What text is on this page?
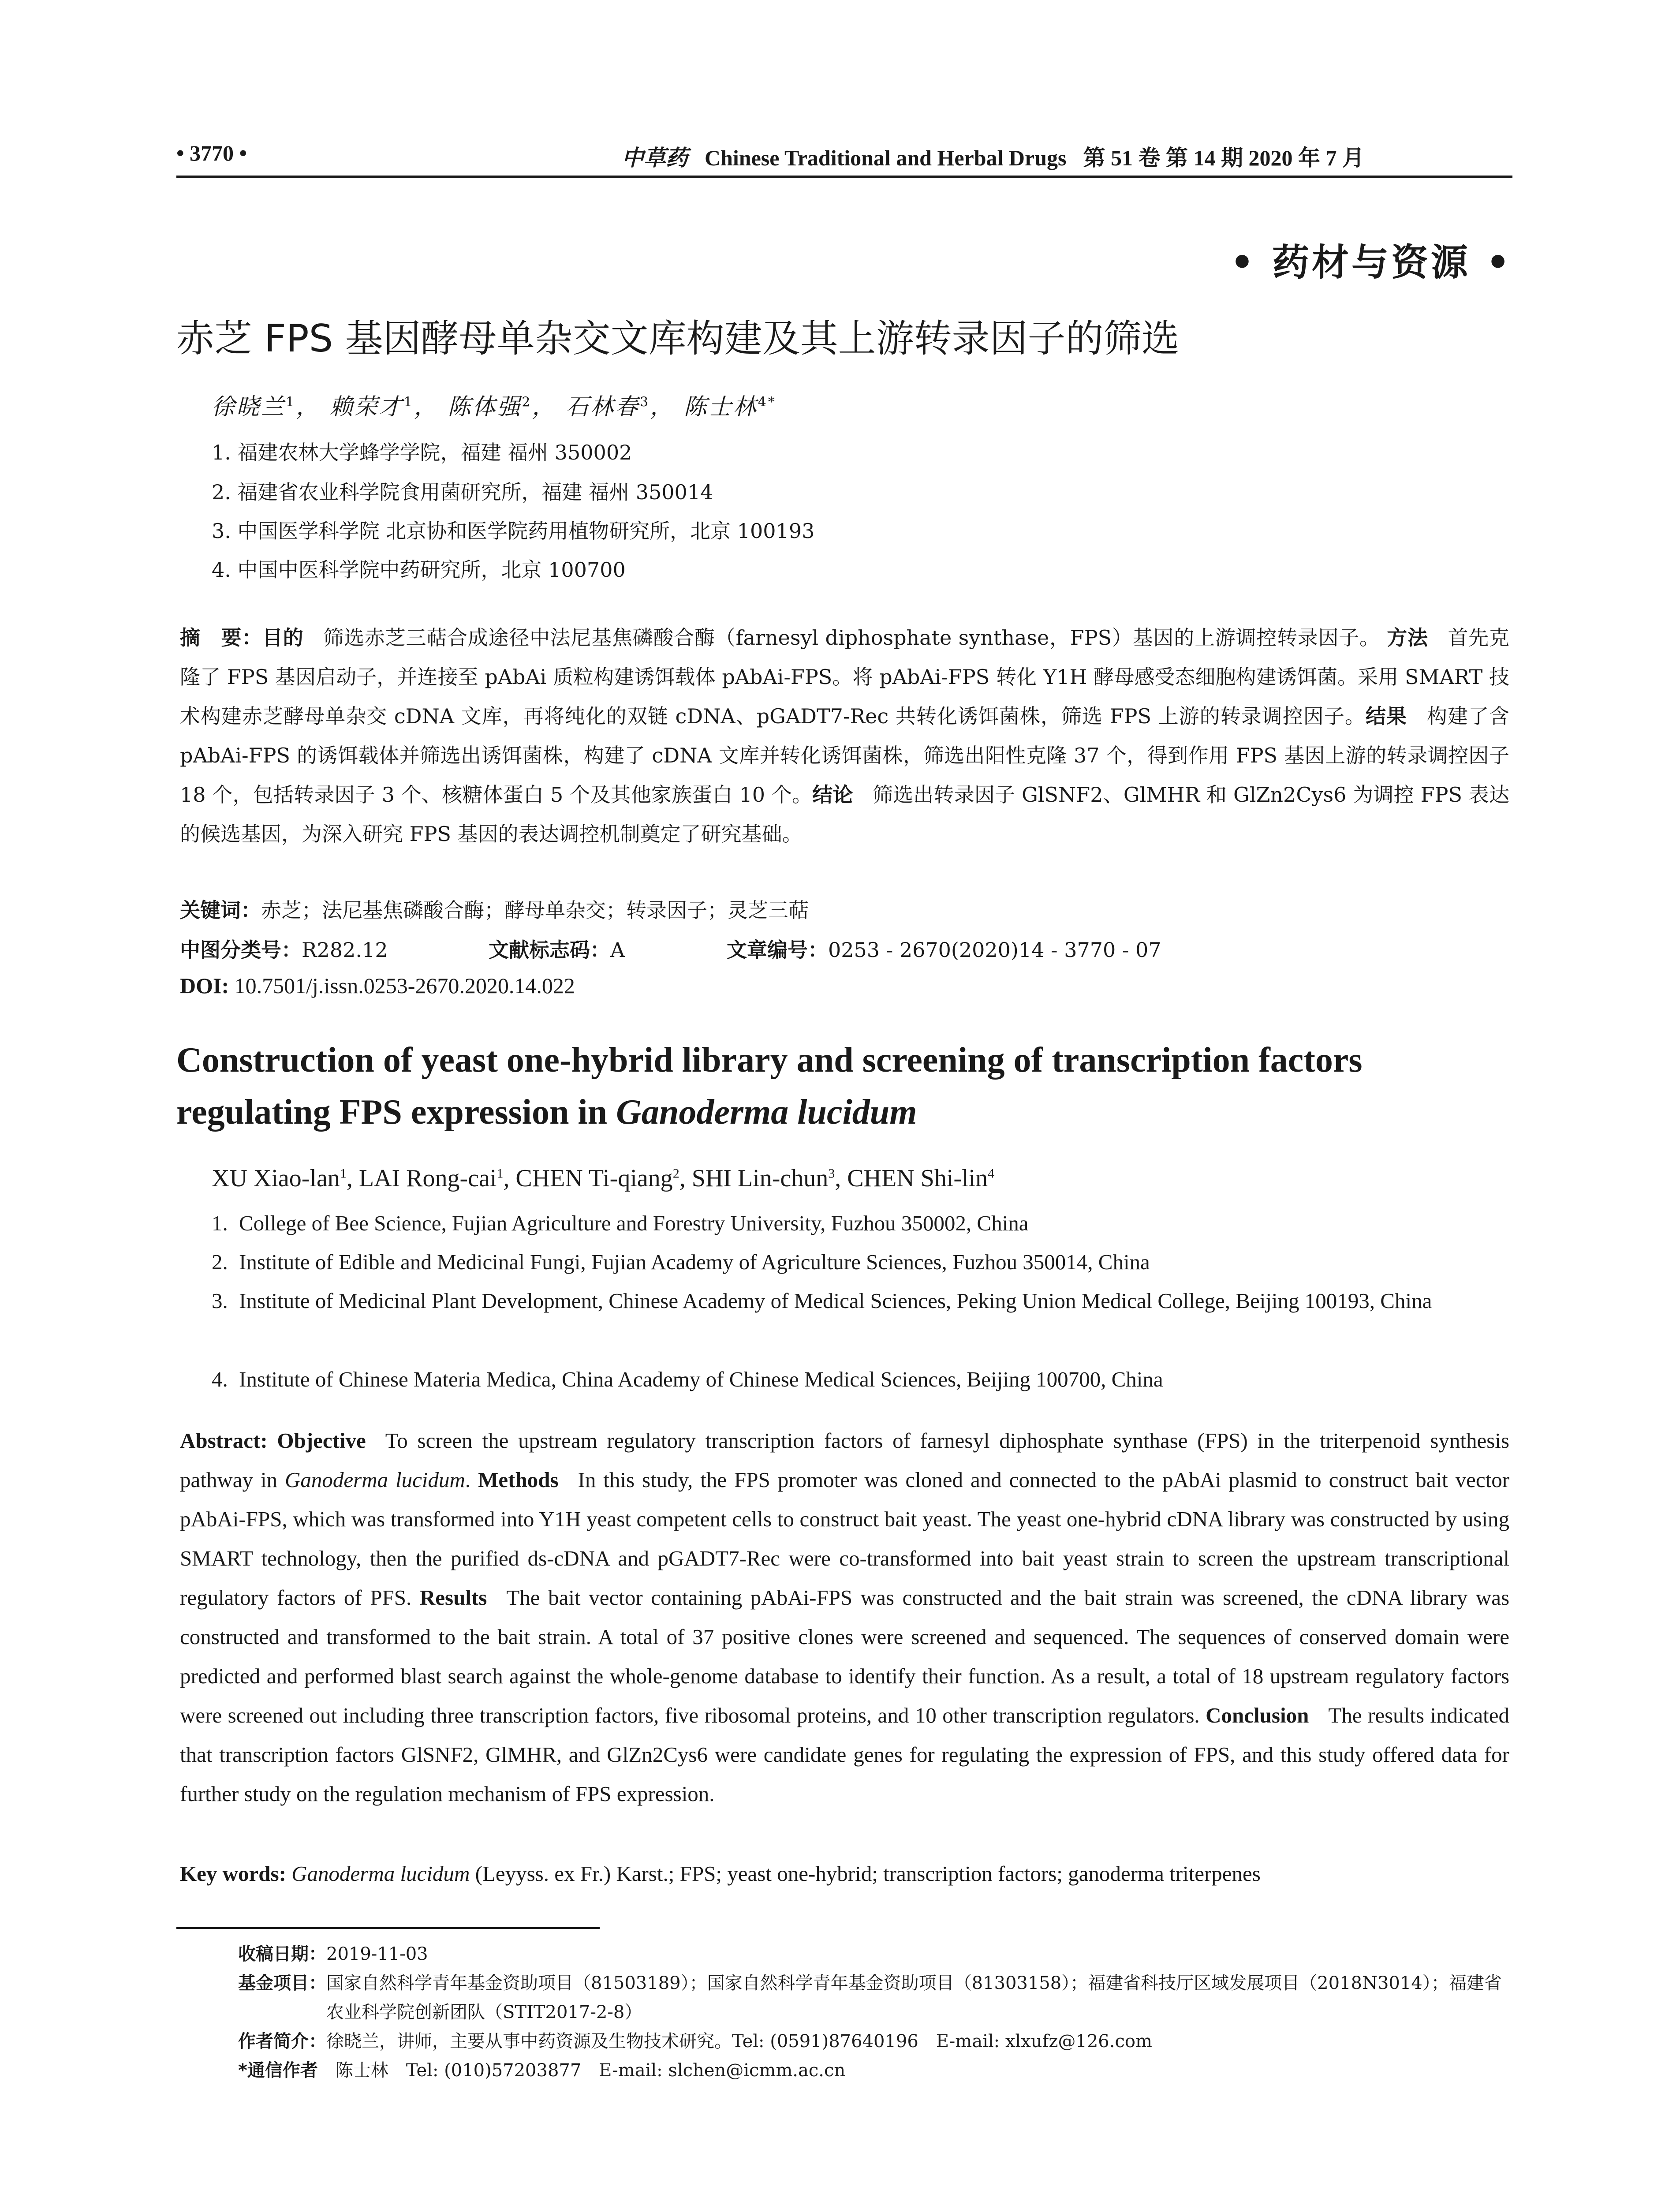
• 3770 •	中草药 Chinese Traditional and Herbal Drugs 第 51 卷 第 14 期 2020 年 7 月
• 药材与资源 •
赤芝 FPS 基因酵母单杂交文库构建及其上游转录因子的筛选
徐晓兰$^1$， 赖荣才$^1$， 陈体强$^2$， 石林春$^3$， 陈士林$^{4*}$
1. 福建农林大学蜂学学院，福建 福州 350002
2. 福建省农业科学院食用菌研究所，福建 福州 350014
3. 中国医学科学院 北京协和医学院药用植物研究所，北京 100193
4. 中国中医科学院中药研究所，北京 100700
摘　要：目的 筛选赤芝三萜合成途径中法尼基焦磷酸合酶（farnesyl diphosphate synthase，FPS）基因的上游调控转录因子。 方法 首先克隆了 FPS 基因启动子，并连接至 pAbAi 质粒构建诱饵载体 pAbAi-FPS。将 pAbAi-FPS 转化 Y1H 酵母感受态细胞构建诱饵菌。采用 SMART 技术构建赤芝酵母单杂交 cDNA 文库，再将纯化的双链 cDNA、pGADT7-Rec 共转化诱饵菌株，筛选 FPS 上游的转录调控因子。结果 构建了含 pAbAi-FPS 的诱饵载体并筛选出诱饵菌株，构建了 cDNA 文库并转化诱饵菌株，筛选出阳性克隆 37 个，得到作用 FPS 基因上游的转录调控因子 18 个，包括转录因子 3 个、核糖体蛋白 5 个及其他家族蛋白 10 个。结论 筛选出转录因子 GlSNF2、GlMHR 和 GlZn2Cys6 为调控 FPS 表达的候选基因，为深入研究 FPS 基因的表达调控机制奠定了研究基础。
关键词：赤芝；法尼基焦磷酸合酶；酵母单杂交；转录因子；灵芝三萜
中图分类号：R282.12	文献标志码：A	文章编号：0253 - 2670(2020)14 - 3770 - 07
DOI: 10.7501/j.issn.0253-2670.2020.14.022
Construction of yeast one-hybrid library and screening of transcription factors regulating FPS expression in Ganoderma lucidum
XU Xiao-lan$^1$, LAI Rong-cai$^1$, CHEN Ti-qiang$^2$, SHI Lin-chun$^3$, CHEN Shi-lin$^4$
1. College of Bee Science, Fujian Agriculture and Forestry University, Fuzhou 350002, China
2. Institute of Edible and Medicinal Fungi, Fujian Academy of Agriculture Sciences, Fuzhou 350014, China
3. Institute of Medicinal Plant Development, Chinese Academy of Medical Sciences, Peking Union Medical College, Beijing 100193, China
4. Institute of Chinese Materia Medica, China Academy of Chinese Medical Sciences, Beijing 100700, China
Abstract: Objective To screen the upstream regulatory transcription factors of farnesyl diphosphate synthase (FPS) in the triterpenoid synthesis pathway in Ganoderma lucidum. Methods In this study, the FPS promoter was cloned and connected to the pAbAi plasmid to construct bait vector pAbAi-FPS, which was transformed into Y1H yeast competent cells to construct bait yeast. The yeast one-hybrid cDNA library was constructed by using SMART technology, then the purified ds-cDNA and pGADT7-Rec were co-transformed into bait yeast strain to screen the upstream transcriptional regulatory factors of PFS. Results The bait vector containing pAbAi-FPS was constructed and the bait strain was screened, the cDNA library was constructed and transformed to the bait strain. A total of 37 positive clones were screened and sequenced. The sequences of conserved domain were predicted and performed blast search against the whole-genome database to identify their function. As a result, a total of 18 upstream regulatory factors were screened out including three transcription factors, five ribosomal proteins, and 10 other transcription regulators. Conclusion The results indicated that transcription factors GlSNF2, GlMHR, and GlZn2Cys6 were candidate genes for regulating the expression of FPS, and this study offered data for further study on the regulation mechanism of FPS expression.
Key words: Ganoderma lucidum (Leyyss. ex Fr.) Karst.; FPS; yeast one-hybrid; transcription factors; ganoderma triterpenes
收稿日期： 2019-11-03
基金项目： 国家自然科学青年基金资助项目（81503189）；国家自然科学青年基金资助项目（81303158）；福建省科技厅区域发展项目（2018N3014）；福建省农业科学院创新团队（STIT2017-2-8）
作者简介： 徐晓兰，讲师，主要从事中药资源及生物技术研究。Tel: (0591)87640196　E-mail: xlxufz@126.com
*通信作者　 陈士林　Tel: (010)57203877　E-mail: slchen@icmm.ac.cn
